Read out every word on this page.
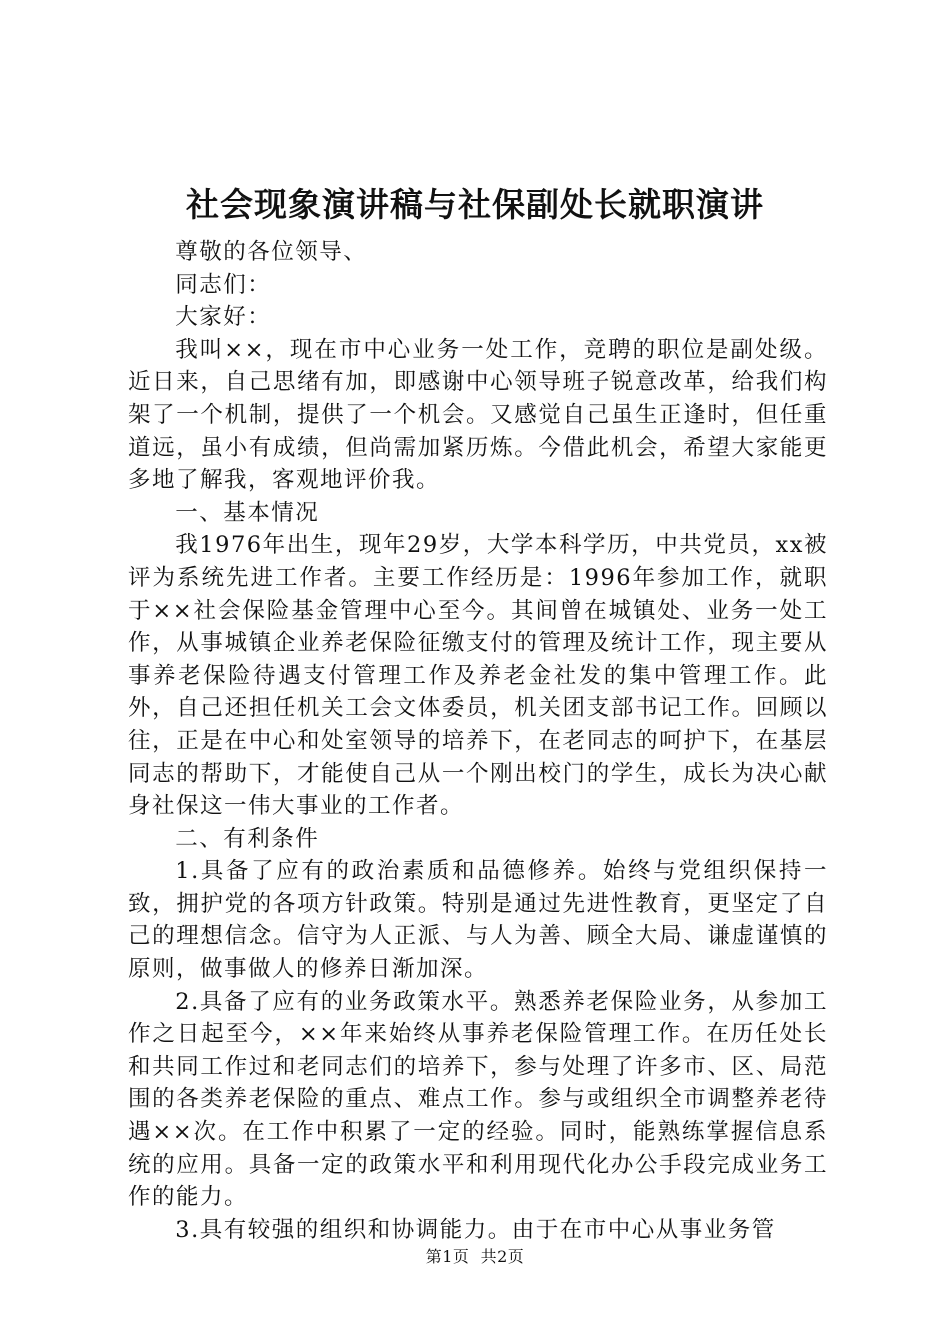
社会现象演讲稿与社保副处长就职演讲

尊敬的各位领导、

同志们：

大家好：

我叫××，现在市中心业务一处工作，竞聘的职位是副处级。近日来，自己思绪有加，即感谢中心领导班子锐意改革，给我们构架了一个机制，提供了一个机会。又感觉自己虽生正逢时，但任重道远，虽小有成绩，但尚需加紧历炼。今借此机会，希望大家能更多地了解我，客观地评价我。

一、基本情况

我1976年出生，现年29岁，大学本科学历，中共党员，xx被评为系统先进工作者。主要工作经历是：1996年参加工作，就职于××社会保险基金管理中心至今。其间曾在城镇处、业务一处工作，从事城镇企业养老保险征缴支付的管理及统计工作，现主要从事养老保险待遇支付管理工作及养老金社发的集中管理工作。此外，自己还担任机关工会文体委员，机关团支部书记工作。回顾以往，正是在中心和处室领导的培养下，在老同志的呵护下，在基层同志的帮助下，才能使自己从一个刚出校门的学生，成长为决心献身社保这一伟大事业的工作者。

二、有利条件

1.具备了应有的政治素质和品德修养。始终与党组织保持一致，拥护党的各项方针政策。特别是通过先进性教育，更坚定了自己的理想信念。信守为人正派、与人为善、顾全大局、谦虚谨慎的原则，做事做人的修养日渐加深。

2.具备了应有的业务政策水平。熟悉养老保险业务，从参加工作之日起至今，××年来始终从事养老保险管理工作。在历任处长和共同工作过和老同志们的培养下，参与处理了许多市、区、局范围的各类养老保险的重点、难点工作。参与或组织全市调整养老待遇××次。在工作中积累了一定的经验。同时，能熟练掌握信息系统的应用。具备一定的政策水平和利用现代化办公手段完成业务工作的能力。

3.具有较强的组织和协调能力。由于在市中心从事业务管

第1页 共2页
